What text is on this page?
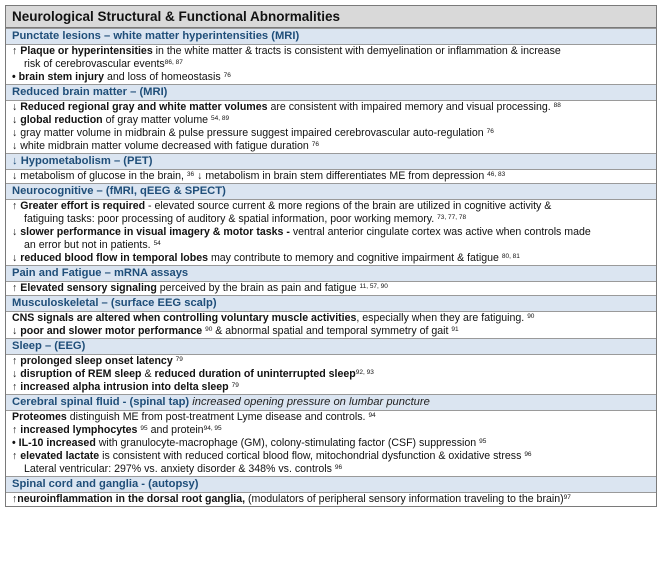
Neurological Structural & Functional Abnormalities
Punctate lesions – white matter hyperintensities (MRI)
↑ Plaque or hyperintensities in the white matter & tracts is consistent with demyelination or inflammation & increase
risk of cerebrovascular events$^{86, 87}$
• brain stem injury and loss of homeostasis $^{76}$
Reduced brain matter – (MRI)
↓ Reduced regional gray and white matter volumes are consistent with impaired memory and visual processing. $^{88}$
↓ global reduction of gray matter volume $^{54, 89}$
↓ gray matter volume in midbrain & pulse pressure suggest impaired cerebrovascular auto-regulation $^{76}$
↓ white midbrain matter volume decreased with fatigue duration $^{76}$
↓ Hypometabolism – (PET)
↓ metabolism of glucose in the brain, $^{36}$ ↓ metabolism in brain stem differentiates ME from depression $^{46, 83}$
Neurocognitive – (fMRI, qEEG & SPECT)
↑ Greater effort is required - elevated source current & more regions of the brain are utilized in cognitive activity &
fatiguing tasks: poor processing of auditory & spatial information, poor working memory. $^{73, 77, 78}$
↓ slower performance in visual imagery & motor tasks - ventral anterior cingulate cortex was active when controls made
an error but not in patients. $^{54}$
↓ reduced blood flow in temporal lobes may contribute to memory and cognitive impairment & fatigue $^{80, 81}$
Pain and Fatigue – mRNA assays
↑ Elevated sensory signaling perceived by the brain as pain and fatigue $^{11, 57, 90}$
Musculoskeletal – (surface EEG scalp)
CNS signals are altered when controlling voluntary muscle activities, especially when they are fatiguing. $^{90}$
↓ poor and slower motor performance $^{90}$ & abnormal spatial and temporal symmetry of gait $^{91}$
Sleep – (EEG)
↑ prolonged sleep onset latency $^{79}$
↓ disruption of REM sleep & reduced duration of uninterrupted sleep$^{92, 93}$
↑ increased alpha intrusion into delta sleep $^{79}$
Cerebral spinal fluid - (spinal tap) increased opening pressure on lumbar puncture
Proteomes distinguish ME from post-treatment Lyme disease and controls. $^{94}$
↑ increased lymphocytes $^{95}$ and protein$^{94, 95}$
• IL-10 increased with granulocyte-macrophage (GM), colony-stimulating factor (CSF) suppression $^{95}$
↑ elevated lactate is consistent with reduced cortical blood flow, mitochondrial dysfunction & oxidative stress $^{96}$
Lateral ventricular: 297% vs. anxiety disorder & 348% vs. controls $^{96}$
Spinal cord and ganglia - (autopsy)
↑neuroinflammation in the dorsal root ganglia, (modulators of peripheral sensory information traveling to the brain)$^{97}$
